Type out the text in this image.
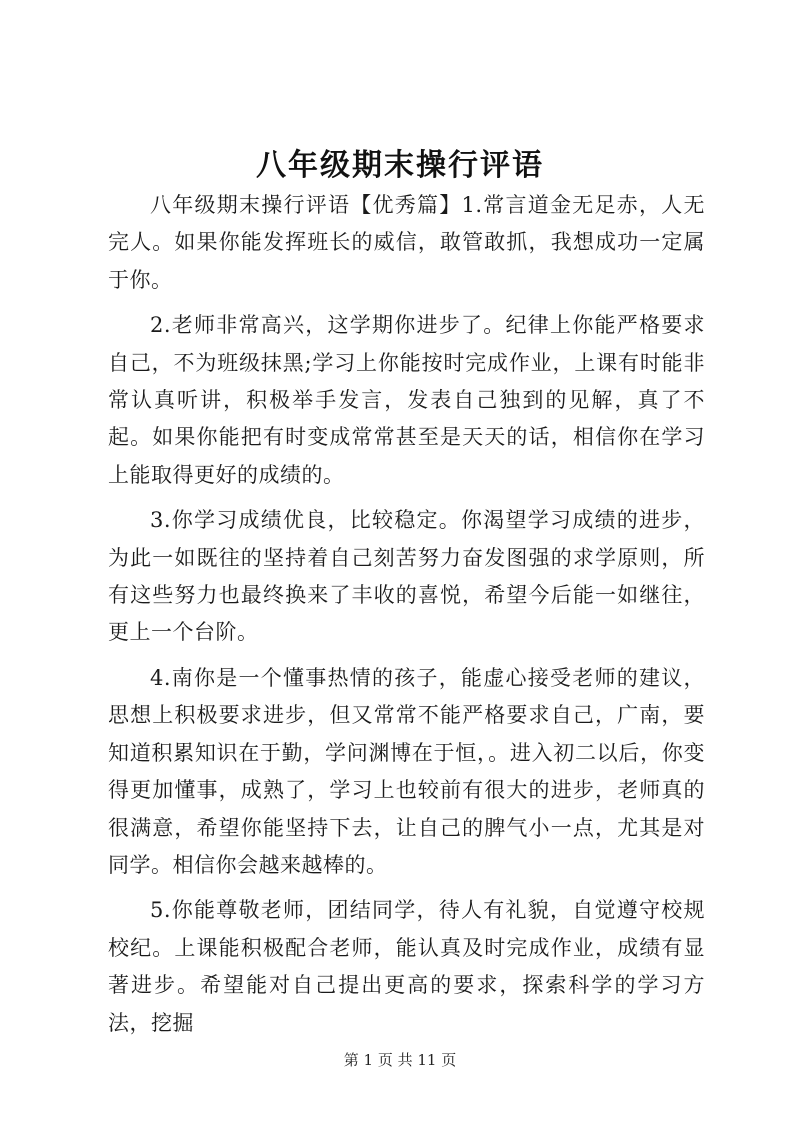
八年级期末操行评语

八年级期末操行评语【优秀篇】1.常言道金无足赤，人无完人。如果你能发挥班长的威信，敢管敢抓，我想成功一定属于你。

2.老师非常高兴，这学期你进步了。纪律上你能严格要求自己，不为班级抹黑;学习上你能按时完成作业，上课有时能非常认真听讲，积极举手发言，发表自己独到的见解，真了不起。如果你能把有时变成常常甚至是天天的话，相信你在学习上能取得更好的成绩的。

3.你学习成绩优良，比较稳定。你渴望学习成绩的进步，为此一如既往的坚持着自己刻苦努力奋发图强的求学原则，所有这些努力也最终换来了丰收的喜悦，希望今后能一如继往，更上一个台阶。

4.南你是一个懂事热情的孩子，能虚心接受老师的建议，思想上积极要求进步，但又常常不能严格要求自己，广南，要知道积累知识在于勤，学问渊博在于恒，。进入初二以后，你变得更加懂事，成熟了，学习上也较前有很大的进步，老师真的很满意，希望你能坚持下去，让自己的脾气小一点，尤其是对同学。相信你会越来越棒的。

5.你能尊敬老师，团结同学，待人有礼貌，自觉遵守校规校纪。上课能积极配合老师，能认真及时完成作业，成绩有显著进步。希望能对自己提出更高的要求，探索科学的学习方法，挖掘

第 1 页 共 11 页
